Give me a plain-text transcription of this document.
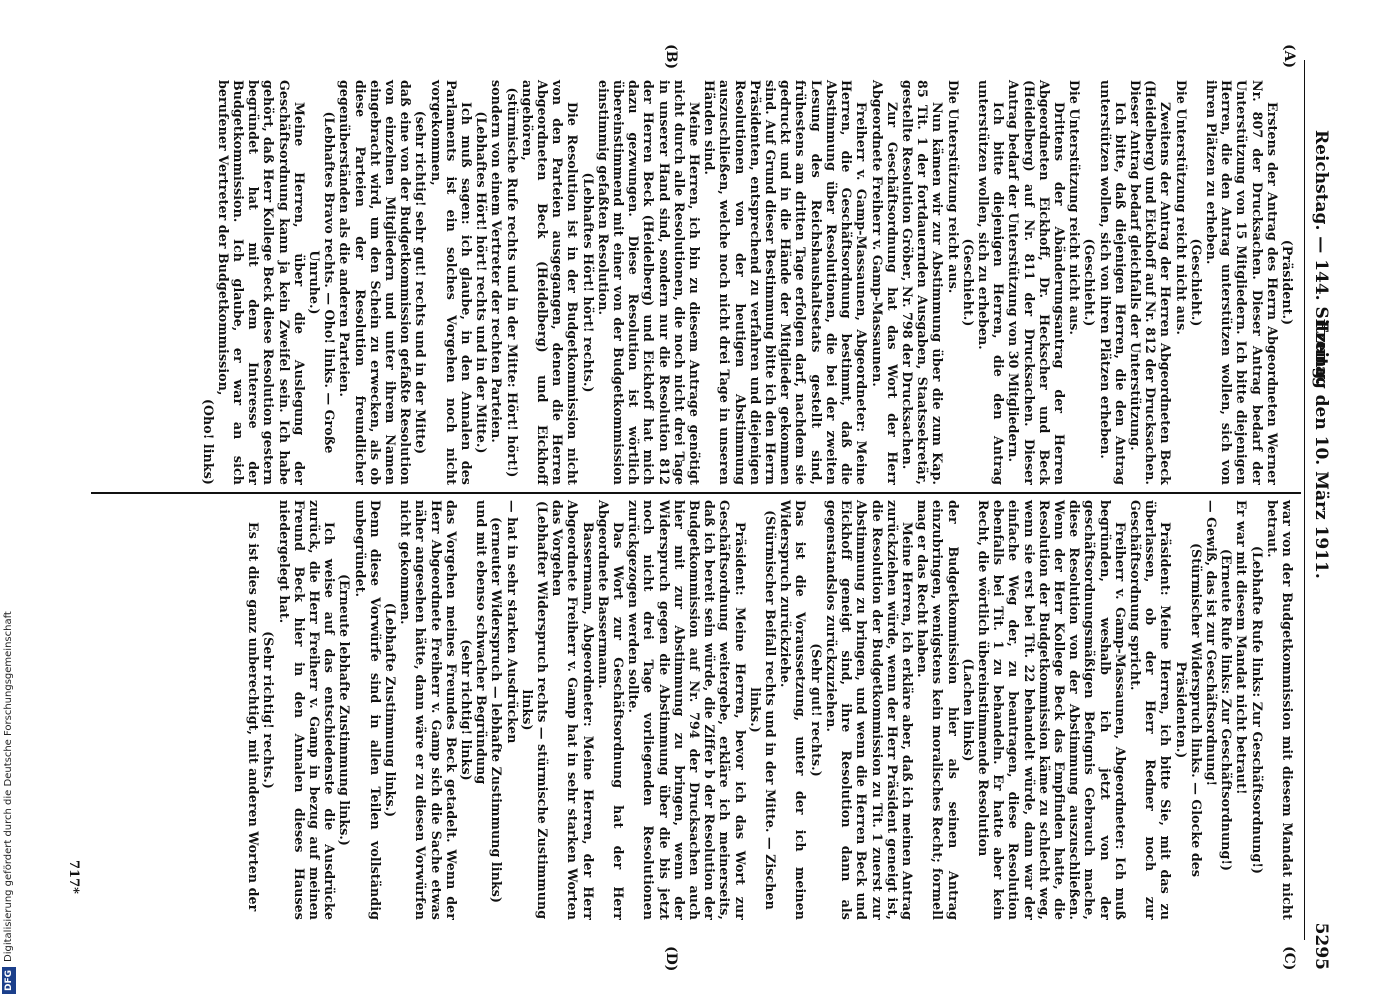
Reichstag. — 144. Sitzung.
Freitag den 10. März 1911.
5295
(A)
(B)
(C)
(D)

(Präsident.)

Erstens der Antrag des Herrn Abgeordneten Werner Nr. 807 der Drucksachen. Dieser Antrag bedarf der Unterstützung von 15 Mitgliedern. Ich bitte diejenigen Herren, die den Antrag unterstützen wollen, sich von ihren Plätzen zu erheben.

(Geschieht.)

Die Unterstützung reicht nicht aus.

Zweitens der Antrag der Herren Abgeordneten Beck (Heidelberg) und Eickhoff auf Nr. 812 der Drucksachen. Dieser Antrag bedarf gleichfalls der Unterstützung.

Ich bitte, daß diejenigen Herren, die den Antrag unterstützen wollen, sich von ihren Plätzen erheben.

(Geschieht.)

Die Unterstützung reicht nicht aus.

Drittens der Abänderungsantrag der Herren Abgeordneten Eickhoff, Dr. Heckscher und Beck (Heidelberg) auf Nr. 811 der Drucksachen. Dieser Antrag bedarf der Unterstützung von 30 Mitgliedern.

Ich bitte diejenigen Herren, die den Antrag unterstützen wollen, sich zu erheben.

(Geschieht.)

Die Unterstützung reicht aus.

Nun kämen wir zur Abstimmung über die zum Kap. 85 Tit. 1 der fortdauernden Ausgaben, Staatssekretär, gestellte Resolution Gröber, Nr. 798 der Drucksachen.

Zur Geschäftsordnung hat das Wort der Herr Abgeordnete Freiherr v. Gamp-Massaunen.

Freiherr v. Gamp-Massaunen, Abgeordneter: Meine Herren, die Geschäftsordnung bestimmt, daß die Abstimmung über Resolutionen, die bei der zweiten Lesung des Reichshaushaltsetats gestellt sind, frühestens am dritten Tage erfolgen darf, nachdem sie gedruckt und in die Hände der Mitglieder gekommen sind. Auf Grund dieser Bestimmung bitte ich den Herrn Präsidenten, entsprechend zu verfahren und diejenigen Resolutionen von der heutigen Abstimmung auszuschließen, welche noch nicht drei Tage in unseren Händen sind.

Meine Herren, ich bin zu diesem Antrage genötigt nicht durch alle Resolutionen, die noch nicht drei Tage in unserer Hand sind, sondern nur die Resolution 812 der Herren Beck (Heidelberg) und Eickhoff hat mich dazu gezwungen. Diese Resolution ist wörtlich übereinstimmend mit einer von der Budgetkommission einstimmig gefaßten Resolution.

(Lebhaftes Hört! hört! rechts.)

Die Resolution ist in der Budgetkommission nicht von den Parteien ausgegangen, denen die Herren Abgeordneten Beck (Heidelberg) und Eickhoff angehören,

(stürmische Rufe rechts und in der Mitte: Hört! hört!)

sondern von einem Vertreter der rechten Parteien.

(Lebhaftes Hört! hört! rechts und in der Mitte.)

Ich muß sagen: ich glaube, in den Annalen des Parlaments ist ein solches Vorgehen noch nicht vorgekommen,

(sehr richtig! sehr gut! rechts und in der Mitte)

daß eine von der Budgetkommission gefaßte Resolution von einzelnen Mitgliedern und unter ihrem Namen eingebracht wird, um den Schein zu erwecken, als ob diese Parteien der Resolution freundlicher gegenüberständen als die anderen Parteien.

(Lebhaftes Bravo rechts. — Oho! links. — Große Unruhe.)

Meine Herren, über die Auslegung der Geschäftsordnung kann ja kein Zweifel sein. Ich habe gehört, daß Herr Kollege Beck diese Resolution gestern begründet hat mit dem Interesse der Budgetkommission. Ich glaube, er war an sich berufener Vertreter der Budgetkommission,

(Oho! links)

war von der Budgetkommission mit diesem Mandat nicht betraut.

(Lebhafte Rufe links: Zur Geschäftsordnung!)

Er war mit diesem Mandat nicht betraut!

(Erneute Rufe links: Zur Geschäftsordnung!)

— Gewiß, das ist zur Geschäftsordnung!

(Stürmischer Widerspruch links. — Glocke des Präsidenten.)

Präsident: Meine Herren, ich bitte Sie, mit das zu überlassen, ob der Herr Redner noch zur Geschäftsordnung spricht.

Freiherr v. Gamp-Massaunen, Abgeordneter: Ich muß begründen, weshalb ich jetzt von der geschäftsordnungsmäßigen Befugnis Gebrauch mache, diese Resolution von der Abstimmung auszuschließen. Wenn der Herr Kollege Beck das Empfinden hatte, die Resolution der Budgetkommission käme zu schlecht weg, wenn sie erst bei Tit. 22 behandelt würde, dann war der einfache Weg der, zu beantragen, diese Resolution ebenfalls bei Tit. 1 zu behandeln. Er hatte aber kein Recht, die wörtlich übereinstimmende Resolution

(Lachen links)

der Budgetkommission hier als seinen Antrag einzubringen, wenigstens kein moralisches Recht; formell mag er das Recht haben.

Meine Herren, ich erkläre aber, daß ich meinen Antrag zurückziehen würde, wenn der Herr Präsident geneigt ist, die Resolution der Budgetkommission zu Tit. 1 zuerst zur Abstimmung zu bringen, und wenn die Herren Beck und Eickhoff geneigt sind, ihre Resolution dann als gegenstandslos zurückzuziehen.

(Sehr gut! rechts.)

Das ist die Voraussetzung, unter der ich meinen Widerspruch zurückziehe.

(Stürmischer Beifall rechts und in der Mitte. — Zischen links.)

Präsident: Meine Herren, bevor ich das Wort zur Geschäftsordnung weitergebe, erkläre ich meinerseits, daß ich bereit sein würde, die Ziffer b der Resolution der Budgetkommission auf Nr. 794 der Drucksachen auch hier mit zur Abstimmung zu bringen, wenn der Widerspruch gegen die Abstimmung über die bis jetzt noch nicht drei Tage vorliegenden Resolutionen zurückgezogen werden sollte.

Das Wort zur Geschäftsordnung hat der Herr Abgeordnete Bassermann.

Bassermann, Abgeordneter: Meine Herren, der Herr Abgeordnete Freiherr v. Gamp hat in sehr starken Worten das Vorgehen

(Lebhafter Widerspruch rechts — stürmische Zustimmung links)

— hat in sehr starken Ausdrücken

(erneuter Widerspruch — lebhafte Zustimmung links)

und mit ebenso schwacher Begründung

(sehr richtig! links)

das Vorgehen meines Freundes Beck getadelt. Wenn der Herr Abgeordnete Freiherr v. Gamp sich die Sache etwas näher angesehen hätte, dann wäre er zu diesen Vorwürfen nicht gekommen.

(Lebhafte Zustimmung links.)

Denn diese Vorwürfe sind in allen Teilen vollständig unbegründet.

(Erneute lebhafte Zustimmung links.)

Ich weise auf das entschiedenste die Ausdrücke zurück, die Herr Freiherr v. Gamp in bezug auf meinen Freund Beck hier in den Annalen dieses Hauses niedergelegt hat.

(Sehr richtig! rechts.)

Es ist dies ganz unberechtigt, mit anderen Worten der

717*
DFGDigitalisierung gefördert durch die Deutsche Forschungsgemeinschaft
